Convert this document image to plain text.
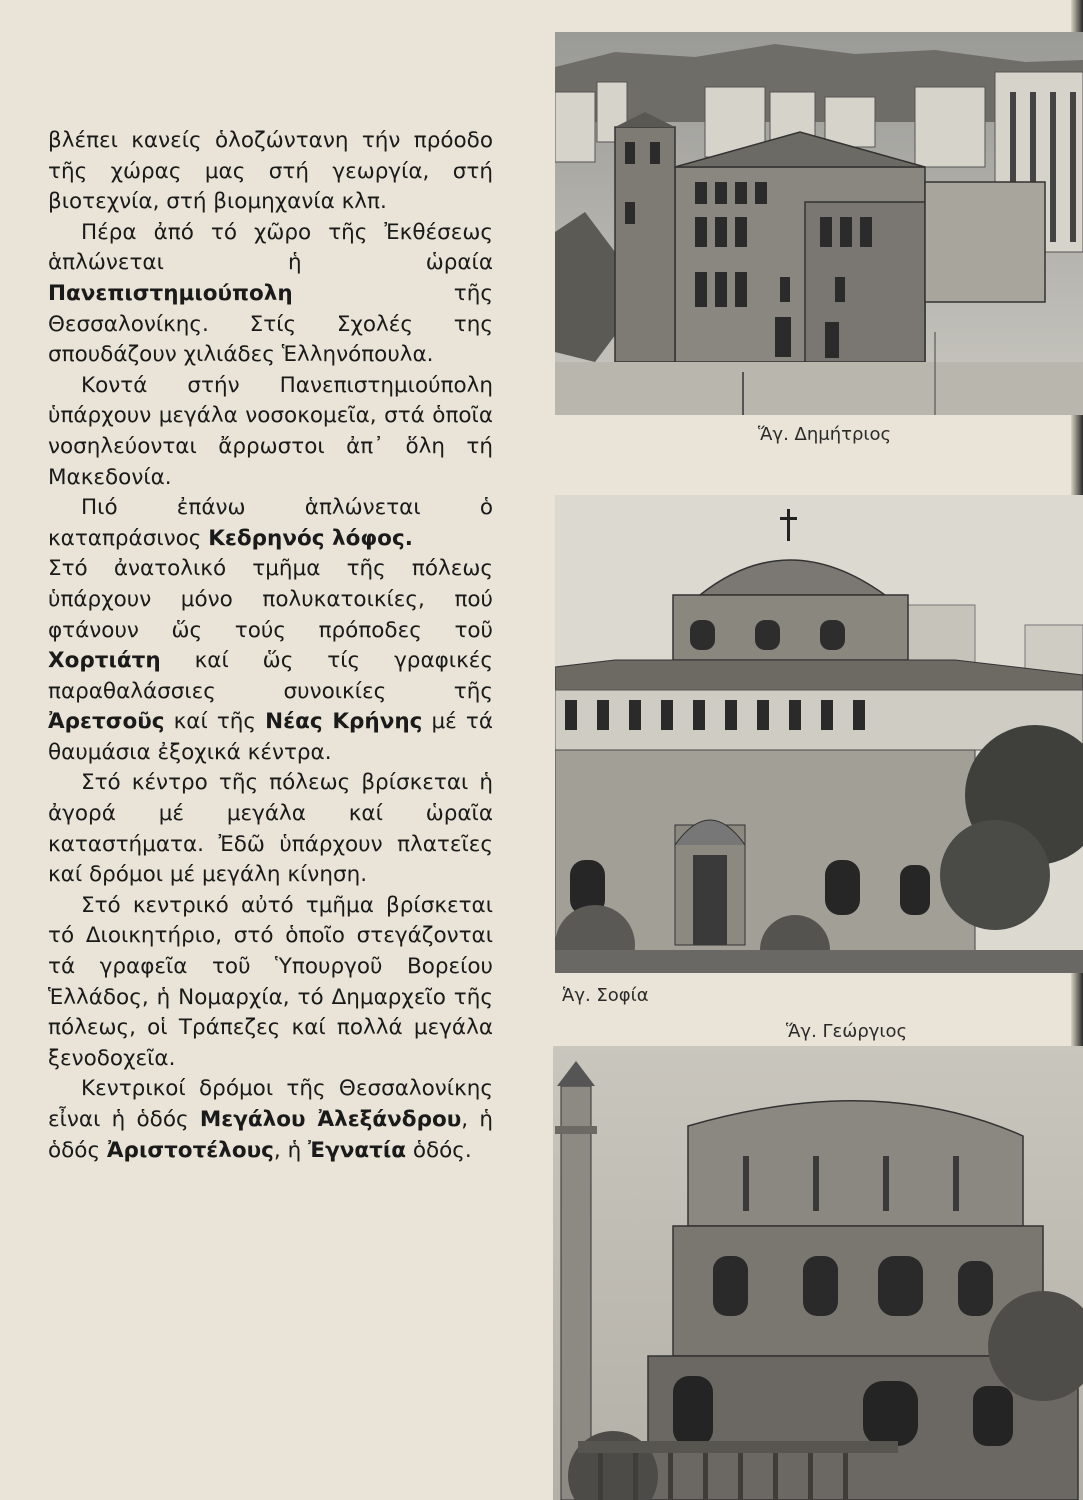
βλέπει κανείς ὁλοζώντανη τήν πρόοδο τῆς χώρας μας στή γεωργία, στή βιοτεχνία, στή βιομηχανία κλπ.

Πέρα ἀπό τό χῶρο τῆς Ἐκθέσεως ἁπλώνεται ἡ ὡραία Πανεπιστημιούπολη τῆς Θεσσαλονίκης. Στίς Σχολές της σπουδάζουν χιλιάδες Ἑλληνόπουλα.

Κοντά στήν Πανεπιστημιούπολη ὑπάρχουν μεγάλα νοσοκομεῖα, στά ὁποῖα νοσηλεύονται ἄρρωστοι ἀπ᾿ ὅλη τή Μακεδονία.

Πιό ἐπάνω ἁπλώνεται ὁ καταπράσινος Κεδρηνός λόφος.

Στό ἀνατολικό τμῆμα τῆς πόλεως ὑπάρχουν μόνο πολυκατοικίες, πού φτάνουν ὥς τούς πρόποδες τοῦ Χορτιάτη καί ὥς τίς γραφικές παραθαλάσσιες συνοικίες τῆς Ἀρετσοῦς καί τῆς Νέας Κρήνης μέ τά θαυμάσια ἐξοχικά κέντρα.

Στό κέντρο τῆς πόλεως βρίσκεται ἡ ἀγορά μέ μεγάλα καί ὡραῖα καταστήματα. Ἐδῶ ὑπάρχουν πλατεῖες καί δρόμοι μέ μεγάλη κίνηση.

Στό κεντρικό αὐτό τμῆμα βρίσκεται τό Διοικητήριο, στό ὁποῖο στεγάζονται τά γραφεῖα τοῦ Ὑπουργοῦ Βορείου Ἑλλάδος, ἡ Νομαρχία, τό Δημαρχεῖο τῆς πόλεως, οἱ Τράπεζες καί πολλά μεγάλα ξενοδοχεῖα.

Κεντρικοί δρόμοι τῆς Θεσσαλονίκης εἶναι ἡ ὁδός Μεγάλου Ἀλεξάνδρου, ἡ ὁδός Ἀριστοτέλους, ἡ Ἐγνατία ὁδός.

Ἅγ. Δημήτριος
Ἁγ. Σοφία
Ἅγ. Γεώργιος
